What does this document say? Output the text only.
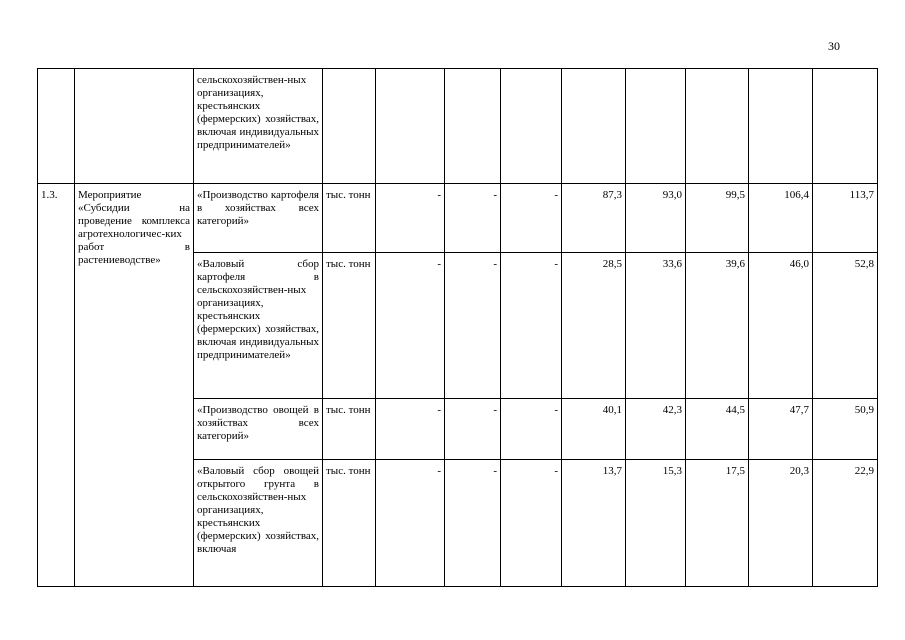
30
		сельскохозяйствен-ных организациях, крестьянских (фермерских) хозяйствах, включая индивидуальных предпринимателей»									
1.3.	Мероприятие «Субсидии на проведение комплекса агротехнологичес-ких работ в растениеводстве»	«Производство картофеля в хозяйствах всех категорий»	тыс. тонн	-	-	-	87,3	93,0	99,5	106,4	113,7
		«Валовый сбор картофеля в сельскохозяйствен-ных организациях, крестьянских (фермерских) хозяйствах, включая индивидуальных предпринимателей»	тыс. тонн	-	-	-	28,5	33,6	39,6	46,0	52,8
		«Производство овощей в хозяйствах всех категорий»	тыс. тонн	-	-	-	40,1	42,3	44,5	47,7	50,9
		«Валовый сбор овощей открытого грунта в сельскохозяйствен-ных организациях, крестьянских (фермерских) хозяйствах, включая	тыс. тонн	-	-	-	13,7	15,3	17,5	20,3	22,9
